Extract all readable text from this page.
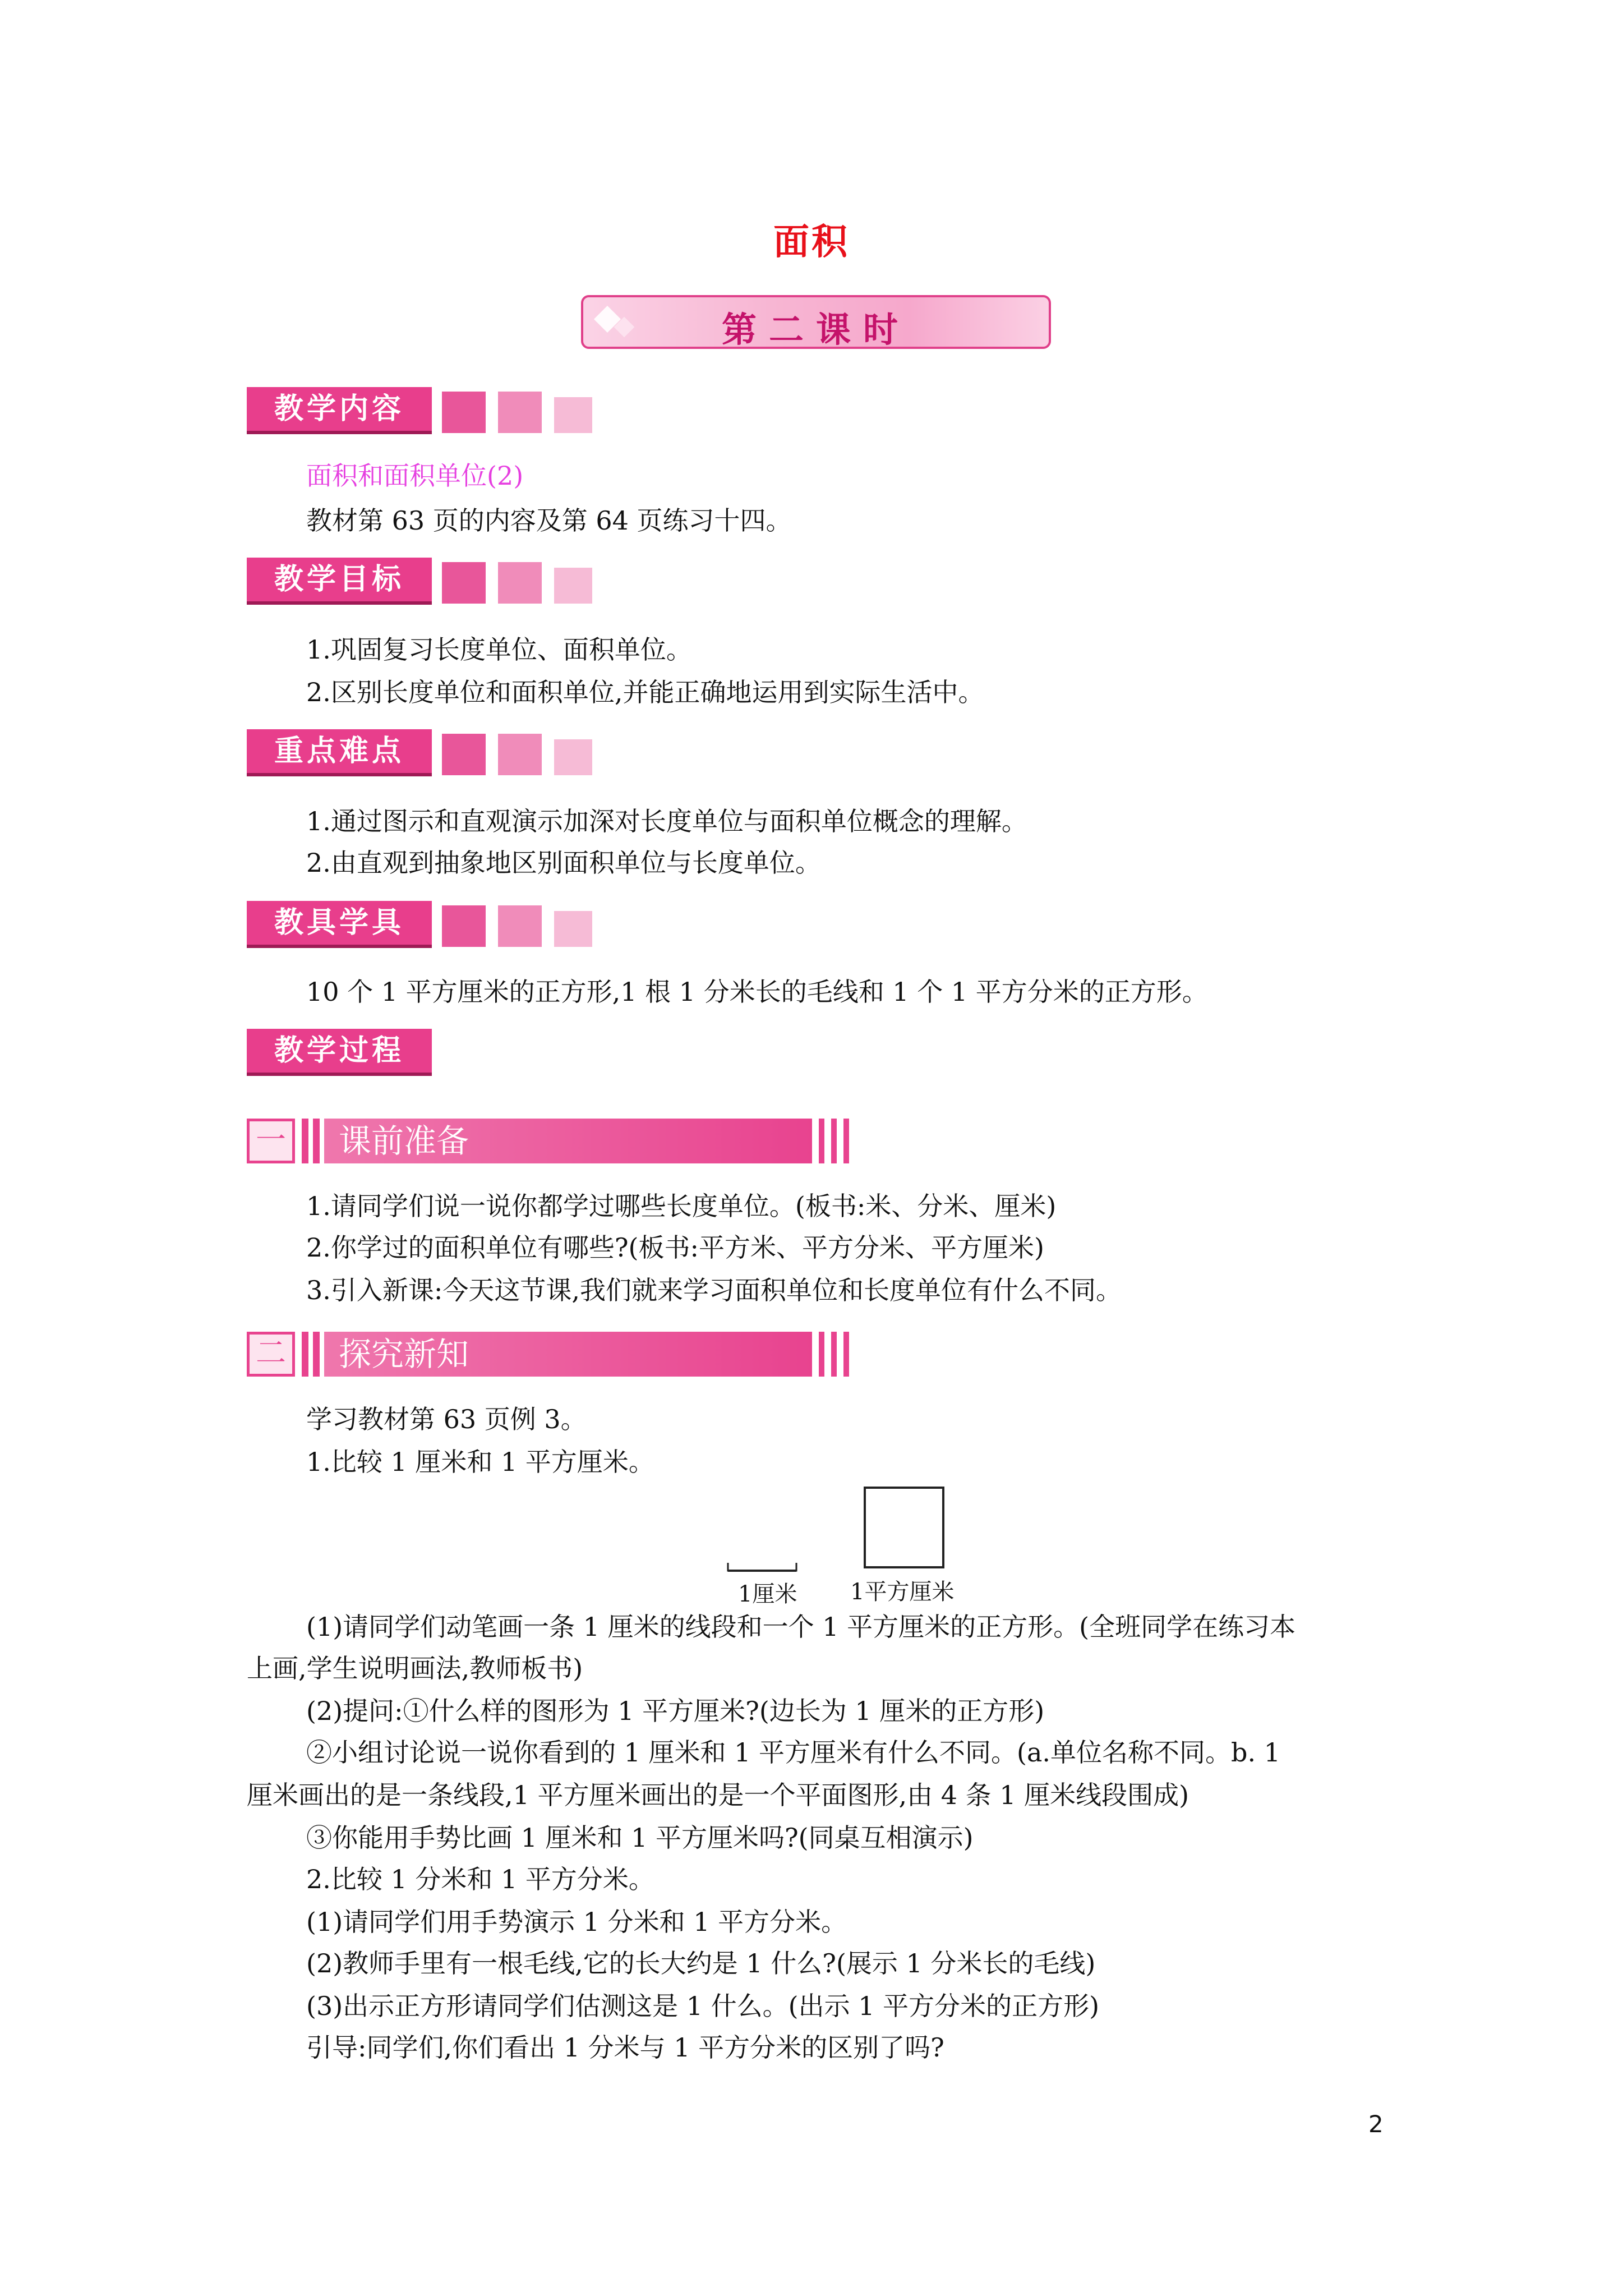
面积
第二课时
教学内容
面积和面积单位(2)
教材第 63 页的内容及第 64 页练习十四。
教学目标
1.巩固复习长度单位、面积单位。
2.区别长度单位和面积单位,并能正确地运用到实际生活中。
重点难点
1.通过图示和直观演示加深对长度单位与面积单位概念的理解。
2.由直观到抽象地区别面积单位与长度单位。
教具学具
10 个 1 平方厘米的正方形,1 根 1 分米长的毛线和 1 个 1 平方分米的正方形。
教学过程
一	课前准备
1.请同学们说一说你都学过哪些长度单位。(板书:米、分米、厘米)
2.你学过的面积单位有哪些?(板书:平方米、平方分米、平方厘米)
3.引入新课:今天这节课,我们就来学习面积单位和长度单位有什么不同。
二	探究新知
学习教材第 63 页例 3。
1.比较 1 厘米和 1 平方厘米。
1厘米 1平方厘米
(1)请同学们动笔画一条 1 厘米的线段和一个 1 平方厘米的正方形。(全班同学在练习本
上画,学生说明画法,教师板书)
(2)提问:①什么样的图形为 1 平方厘米?(边长为 1 厘米的正方形)
②小组讨论说一说你看到的 1 厘米和 1 平方厘米有什么不同。(a.单位名称不同。b. 1
厘米画出的是一条线段,1 平方厘米画出的是一个平面图形,由 4 条 1 厘米线段围成)
③你能用手势比画 1 厘米和 1 平方厘米吗?(同桌互相演示)
2.比较 1 分米和 1 平方分米。
(1)请同学们用手势演示 1 分米和 1 平方分米。
(2)教师手里有一根毛线,它的长大约是 1 什么?(展示 1 分米长的毛线)
(3)出示正方形请同学们估测这是 1 什么。(出示 1 平方分米的正方形)
引导:同学们,你们看出 1 分米与 1 平方分米的区别了吗?
2
